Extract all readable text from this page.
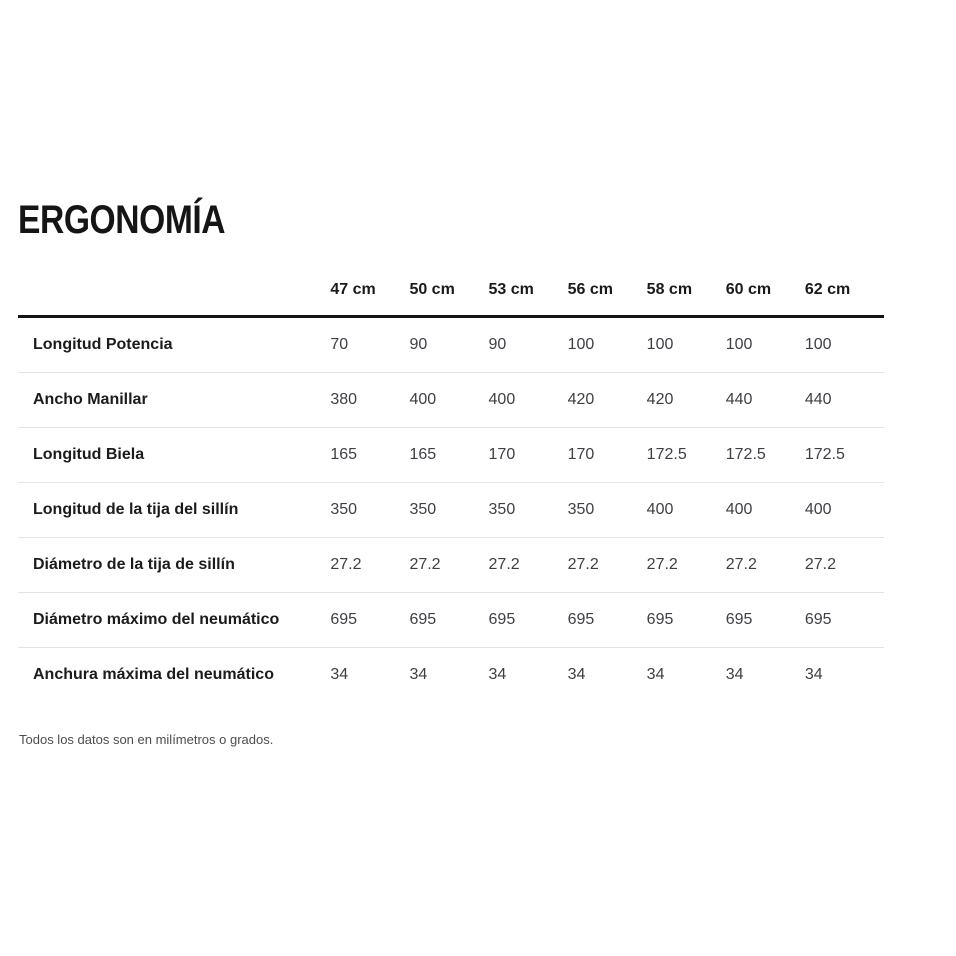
ERGONOMÍA
	47 cm	50 cm	53 cm	56 cm	58 cm	60 cm	62 cm
Longitud Potencia	70	90	90	100	100	100	100
Ancho Manillar	380	400	400	420	420	440	440
Longitud Biela	165	165	170	170	172.5	172.5	172.5
Longitud de la tija del sillín	350	350	350	350	400	400	400
Diámetro de la tija de sillín	27.2	27.2	27.2	27.2	27.2	27.2	27.2
Diámetro máximo del neumático	695	695	695	695	695	695	695
Anchura máxima del neumático	34	34	34	34	34	34	34

Todos los datos son en milímetros o grados.
